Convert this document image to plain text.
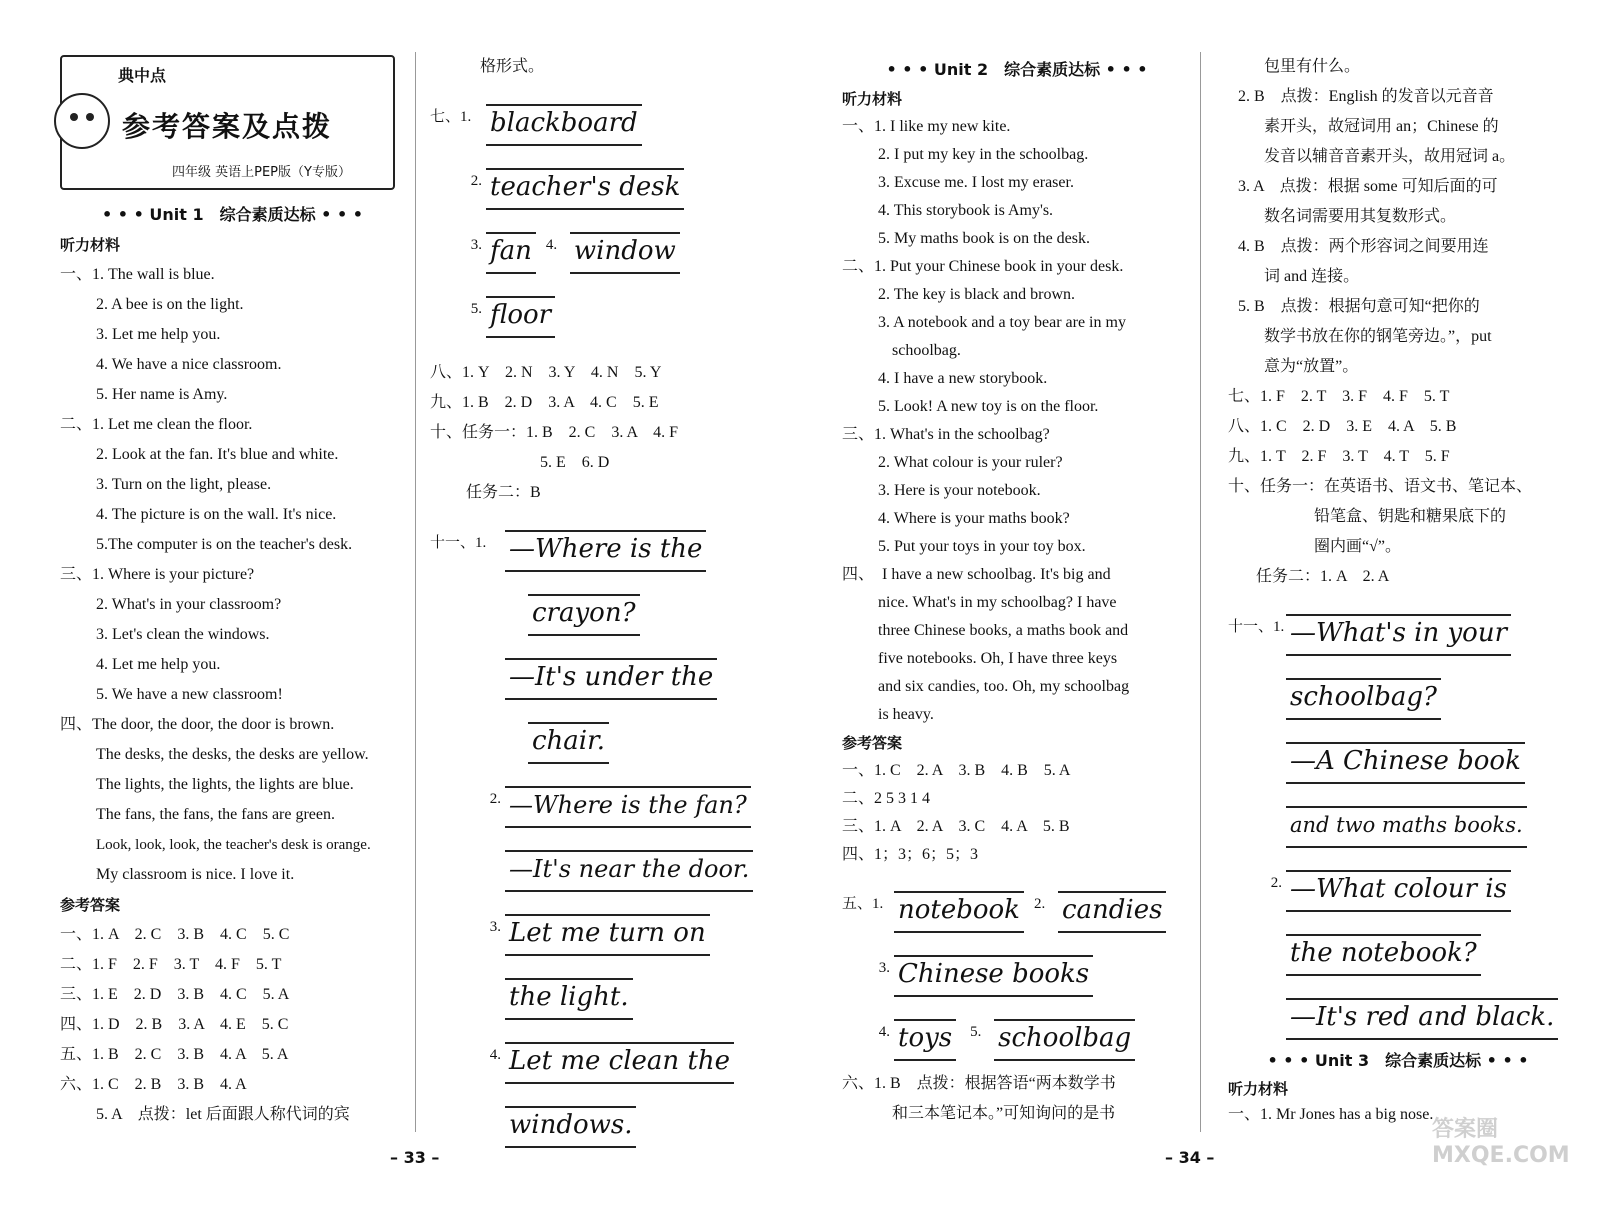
典中点
参考答案及点拨
四年级 英语上PEP版（Y专版）
• • • Unit 1　综合素质达标 • • •
听力材料
一、1. The wall is blue.
2. A bee is on the light.
3. Let me help you.
4. We have a nice classroom.
5. Her name is Amy.
二、1. Let me clean the floor.
2. Look at the fan. It's blue and white.
3. Turn on the light, please.
4. The picture is on the wall. It's nice.
5.The computer is on the teacher's desk.
三、1. Where is your picture?
2. What's in your classroom?
3. Let's clean the windows.
4. Let me help you.
5. We have a new classroom!
四、The door, the door, the door is brown.
The desks, the desks, the desks are yellow.
The lights, the lights, the lights are blue.
The fans, the fans, the fans are green.
Look, look, look, the teacher's desk is orange.
My classroom is nice. I love it.
参考答案
一、1. A　2. C　3. B　4. C　5. C
二、1. F　2. F　3. T　4. F　5. T
三、1. E　2. D　3. B　4. C　5. A
四、1. D　2. B　3. A　4. E　5. C
五、1. B　2. C　3. B　4. A　5. A
六、1. C　2. B　3. B　4. A
5. A　点拨：let 后面跟人称代词的宾
格形式。
七、1. blackboard
2. teacher's desk
3. fan 4. window
5. floor
八、1. Y　2. N　3. Y　4. N　5. Y
九、1. B　2. D　3. A　4. C　5. E
十、任务一：1. B　2. C　3. A　4. F
5. E　6. D
任务二：B
十一、1. —Where is the
crayon?
—It's under the
chair.
2. —Where is the fan?
—It's near the door.
3. Let me turn on
the light.
4. Let me clean the
windows.
• • • Unit 2　综合素质达标 • • •
听力材料
一、1. I like my new kite.
2. I put my key in the schoolbag.
3. Excuse me. I lost my eraser.
4. This storybook is Amy's.
5. My maths book is on the desk.
二、1. Put your Chinese book in your desk.
2. The key is black and brown.
3. A notebook and a toy bear are in my
schoolbag.
4. I have a new storybook.
5. Look! A new toy is on the floor.
三、1. What's in the schoolbag?
2. What colour is your ruler?
3. Here is your notebook.
4. Where is your maths book?
5. Put your toys in your toy box.
四、　I have a new schoolbag. It's big and
nice. What's in my schoolbag? I have
three Chinese books, a maths book and
five notebooks. Oh, I have three keys
and six candies, too. Oh, my schoolbag
is heavy.
参考答案
一、1. C　2. A　3. B　4. B　5. A
二、2 5 3 1 4
三、1. A　2. A　3. C　4. A　5. B
四、1；3；6；5；3
五、1. notebook 2. candies
3. Chinese books
4. toys 5. schoolbag
六、1. B　点拨：根据答语“两本数学书
和三本笔记本。”可知询问的是书
包里有什么。
2. B　点拨：English 的发音以元音音
素开头，故冠词用 an；Chinese 的
发音以辅音音素开头，故用冠词 a。
3. A　点拨：根据 some 可知后面的可
数名词需要用其复数形式。
4. B　点拨：两个形容词之间要用连
词 and 连接。
5. B　点拨：根据句意可知“把你的
数学书放在你的钢笔旁边。”，put
意为“放置”。
七、1. F　2. T　3. F　4. F　5. T
八、1. C　2. D　3. E　4. A　5. B
九、1. T　2. F　3. T　4. T　5. F
十、任务一：在英语书、语文书、笔记本、
铅笔盒、钥匙和糖果底下的
圈内画“√”。
任务二：1. A　2. A
十一、1. —What's in your
schoolbag?
—A Chinese book
and two maths books.
2. —What colour is
the notebook?
—It's red and black.
• • • Unit 3　综合素质达标 • • •
听力材料
一、1. Mr Jones has a big nose.
– 33 –	– 34 –
答案圈 MXQE.COM
